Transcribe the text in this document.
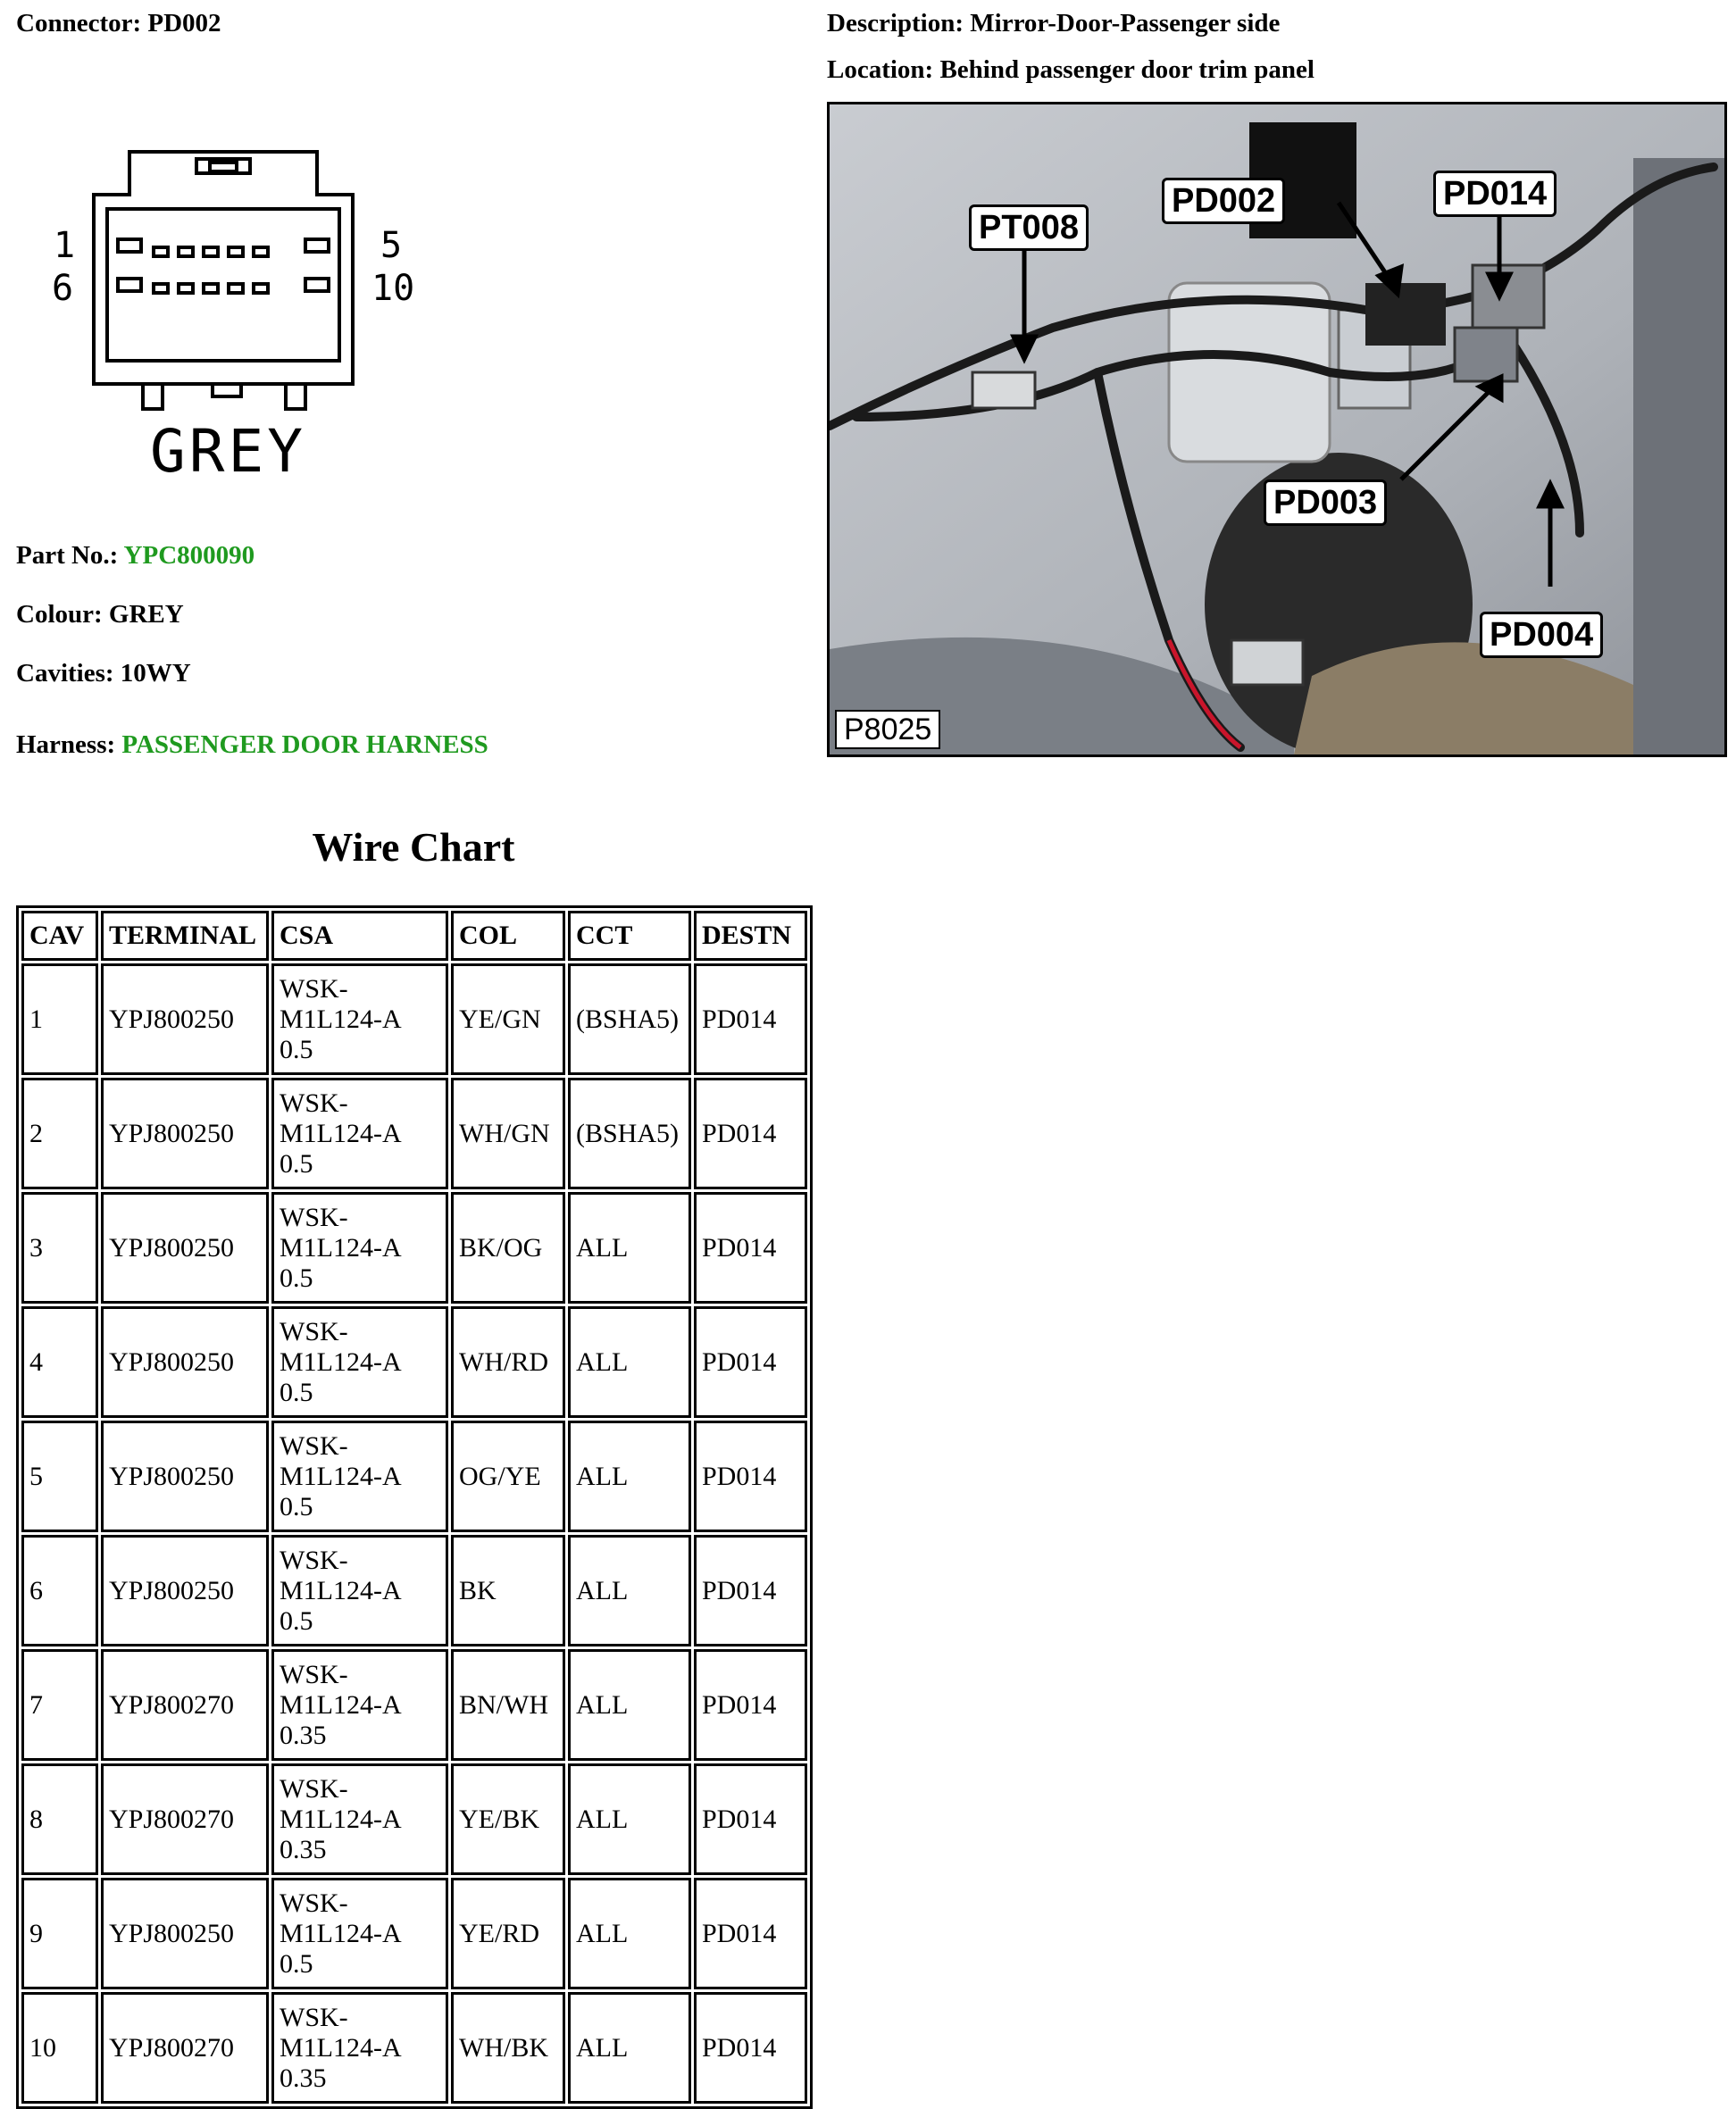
Connector: PD002	Description: Mirror-Door-Passenger side
Location: Behind passenger door trim panel
1
6
5
10
GREY
Part No.: YPC800090
Colour: GREY
Cavities: 10WY
Harness: PASSENGER DOOR HARNESS
PT008
PD002	PD014
PD003
PD004
P8025
Wire Chart
CAV	TERMINAL	CSA	COL	CCT	DESTN
1	YPJ800250	WSK-
M1L124-A
0.5	YE/GN	(BSHA5)	PD014
2	YPJ800250	WSK-
M1L124-A
0.5	WH/GN	(BSHA5)	PD014
3	YPJ800250	WSK-
M1L124-A
0.5	BK/OG	ALL	PD014
4	YPJ800250	WSK-
M1L124-A
0.5	WH/RD	ALL	PD014
5	YPJ800250	WSK-
M1L124-A
0.5	OG/YE	ALL	PD014
6	YPJ800250	WSK-
M1L124-A
0.5	BK	ALL	PD014
7	YPJ800270	WSK-
M1L124-A
0.35	BN/WH	ALL	PD014
8	YPJ800270	WSK-
M1L124-A
0.35	YE/BK	ALL	PD014
9	YPJ800250	WSK-
M1L124-A
0.5	YE/RD	ALL	PD014
10	YPJ800270	WSK-
M1L124-A
0.35	WH/BK	ALL	PD014
